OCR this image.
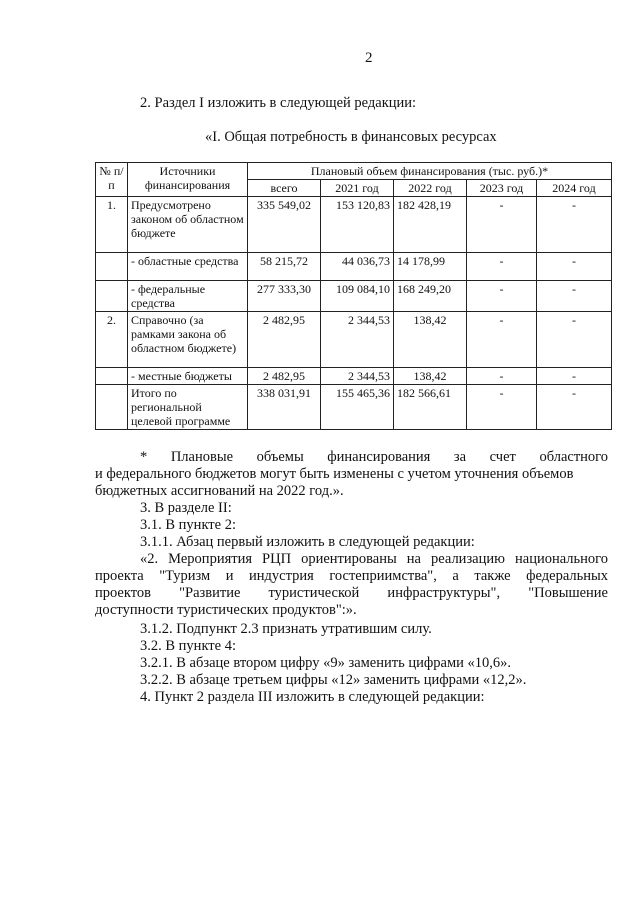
2
2. Раздел I изложить в следующей редакции:
«I. Общая потребность в финансовых ресурсах
№ п/п	Источники финансирования	Плановый объем финансирования (тыс. руб.)*				
		всего	2021 год	2022 год	2023 год	2024 год
1.	Предусмотрено законом об областном бюджете	335 549,02	153 120,83	182 428,19	-	-
	- областные средства	58 215,72	44 036,73	14 178,99	-	-
	- федеральные средства	277 333,30	109 084,10	168 249,20	-	-
2.	Справочно (за рамками закона об областном бюджете)	2 482,95	2 344,53	138,42	-	-
	- местные бюджеты	2 482,95	2 344,53	138,42	-	-
	Итого по региональной целевой программе	338 031,91	155 465,36	182 566,61	-	-
* Плановые объемы финансирования за счет областного
и федерального бюджетов могут быть изменены с учетом уточнения объемов
бюджетных ассигнований на 2022 год.».
3. В разделе II:
3.1. В пункте 2:
3.1.1. Абзац первый изложить в следующей редакции:
«2. Мероприятия РЦП ориентированы на реализацию национального
проекта "Туризм и индустрия гостеприимства", а также федеральных
проектов "Развитие туристической инфраструктуры", "Повышение
доступности туристических продуктов":».
3.1.2. Подпункт 2.3 признать утратившим силу.
3.2. В пункте 4:
3.2.1. В абзаце втором цифру «9» заменить цифрами «10,6».
3.2.2. В абзаце третьем цифры «12» заменить цифрами «12,2».
4. Пункт 2 раздела III изложить в следующей редакции:
